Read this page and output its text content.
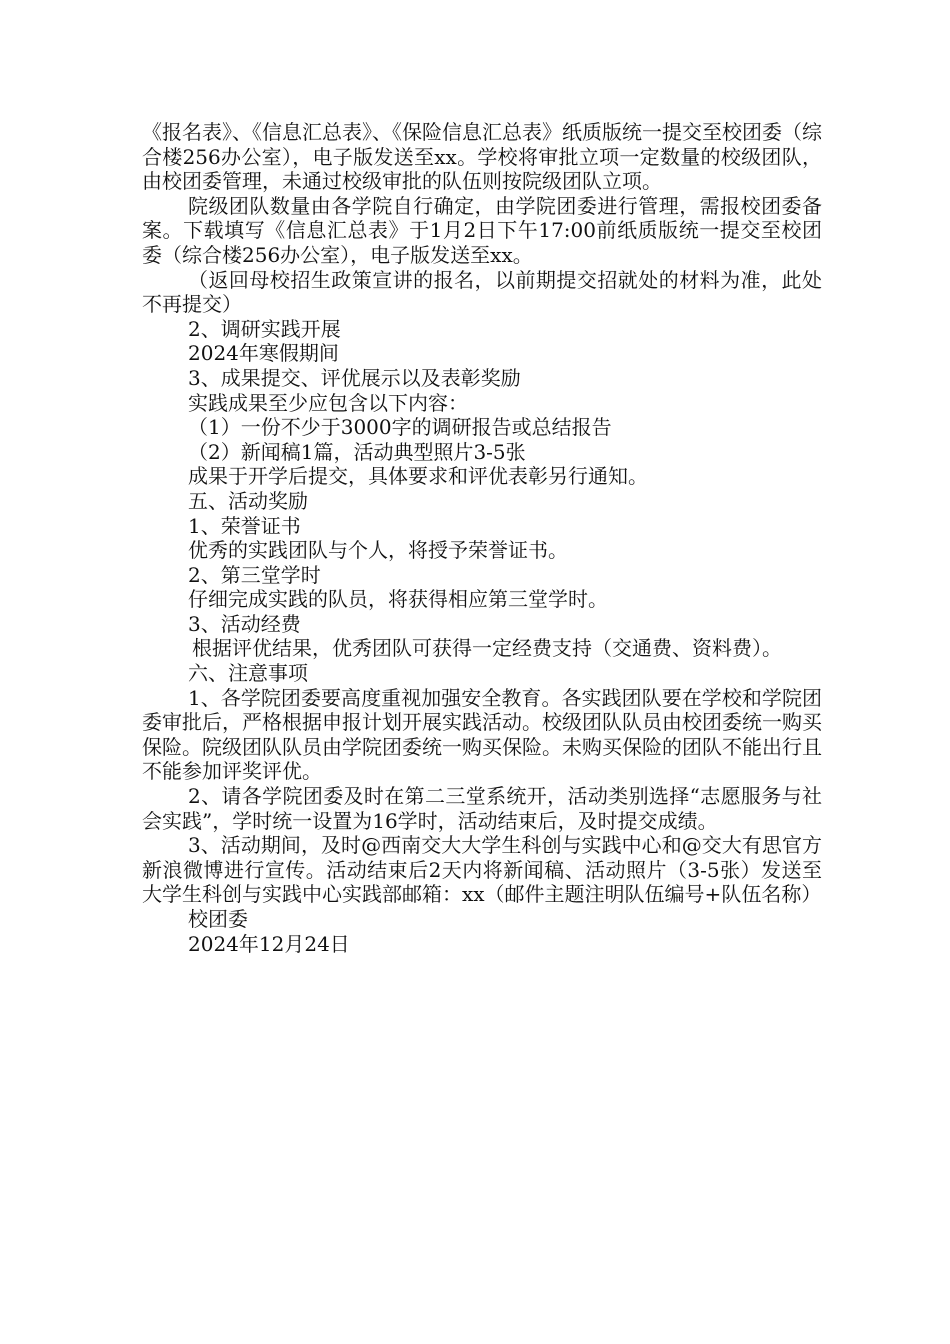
《报名表》、《信息汇总表》、《保险信息汇总表》纸质版统一提交至校团委（综合楼256办公室），电子版发送至xx。学校将审批立项一定数量的校级团队，由校团委管理，未通过校级审批的队伍则按院级团队立项。

院级团队数量由各学院自行确定，由学院团委进行管理，需报校团委备案。下载填写《信息汇总表》于1月2日下午17:00前纸质版统一提交至校团委（综合楼256办公室），电子版发送至xx。

（返回母校招生政策宣讲的报名，以前期提交招就处的材料为准，此处不再提交）

2、调研实践开展

2024年寒假期间

3、成果提交、评优展示以及表彰奖励

实践成果至少应包含以下内容：

（1）一份不少于3000字的调研报告或总结报告

（2）新闻稿1篇，活动典型照片3-5张

成果于开学后提交，具体要求和评优表彰另行通知。

五、活动奖励

1、荣誉证书

优秀的实践团队与个人，将授予荣誉证书。

2、第三堂学时

仔细完成实践的队员，将获得相应第三堂学时。

3、活动经费

根据评优结果，优秀团队可获得一定经费支持（交通费、资料费）。

六、注意事项

1、各学院团委要高度重视加强安全教育。各实践团队要在学校和学院团委审批后，严格根据申报计划开展实践活动。校级团队队员由校团委统一购买保险。院级团队队员由学院团委统一购买保险。未购买保险的团队不能出行且不能参加评奖评优。

2、请各学院团委及时在第二三堂系统开，活动类别选择“志愿服务与社会实践”，学时统一设置为16学时，活动结束后，及时提交成绩。

3、活动期间，及时@西南交大大学生科创与实践中心和@交大有思官方新浪微博进行宣传。活动结束后2天内将新闻稿、活动照片（3-5张）发送至大学生科创与实践中心实践部邮箱：xx（邮件主题注明队伍编号+队伍名称）

校团委

2024年12月24日
